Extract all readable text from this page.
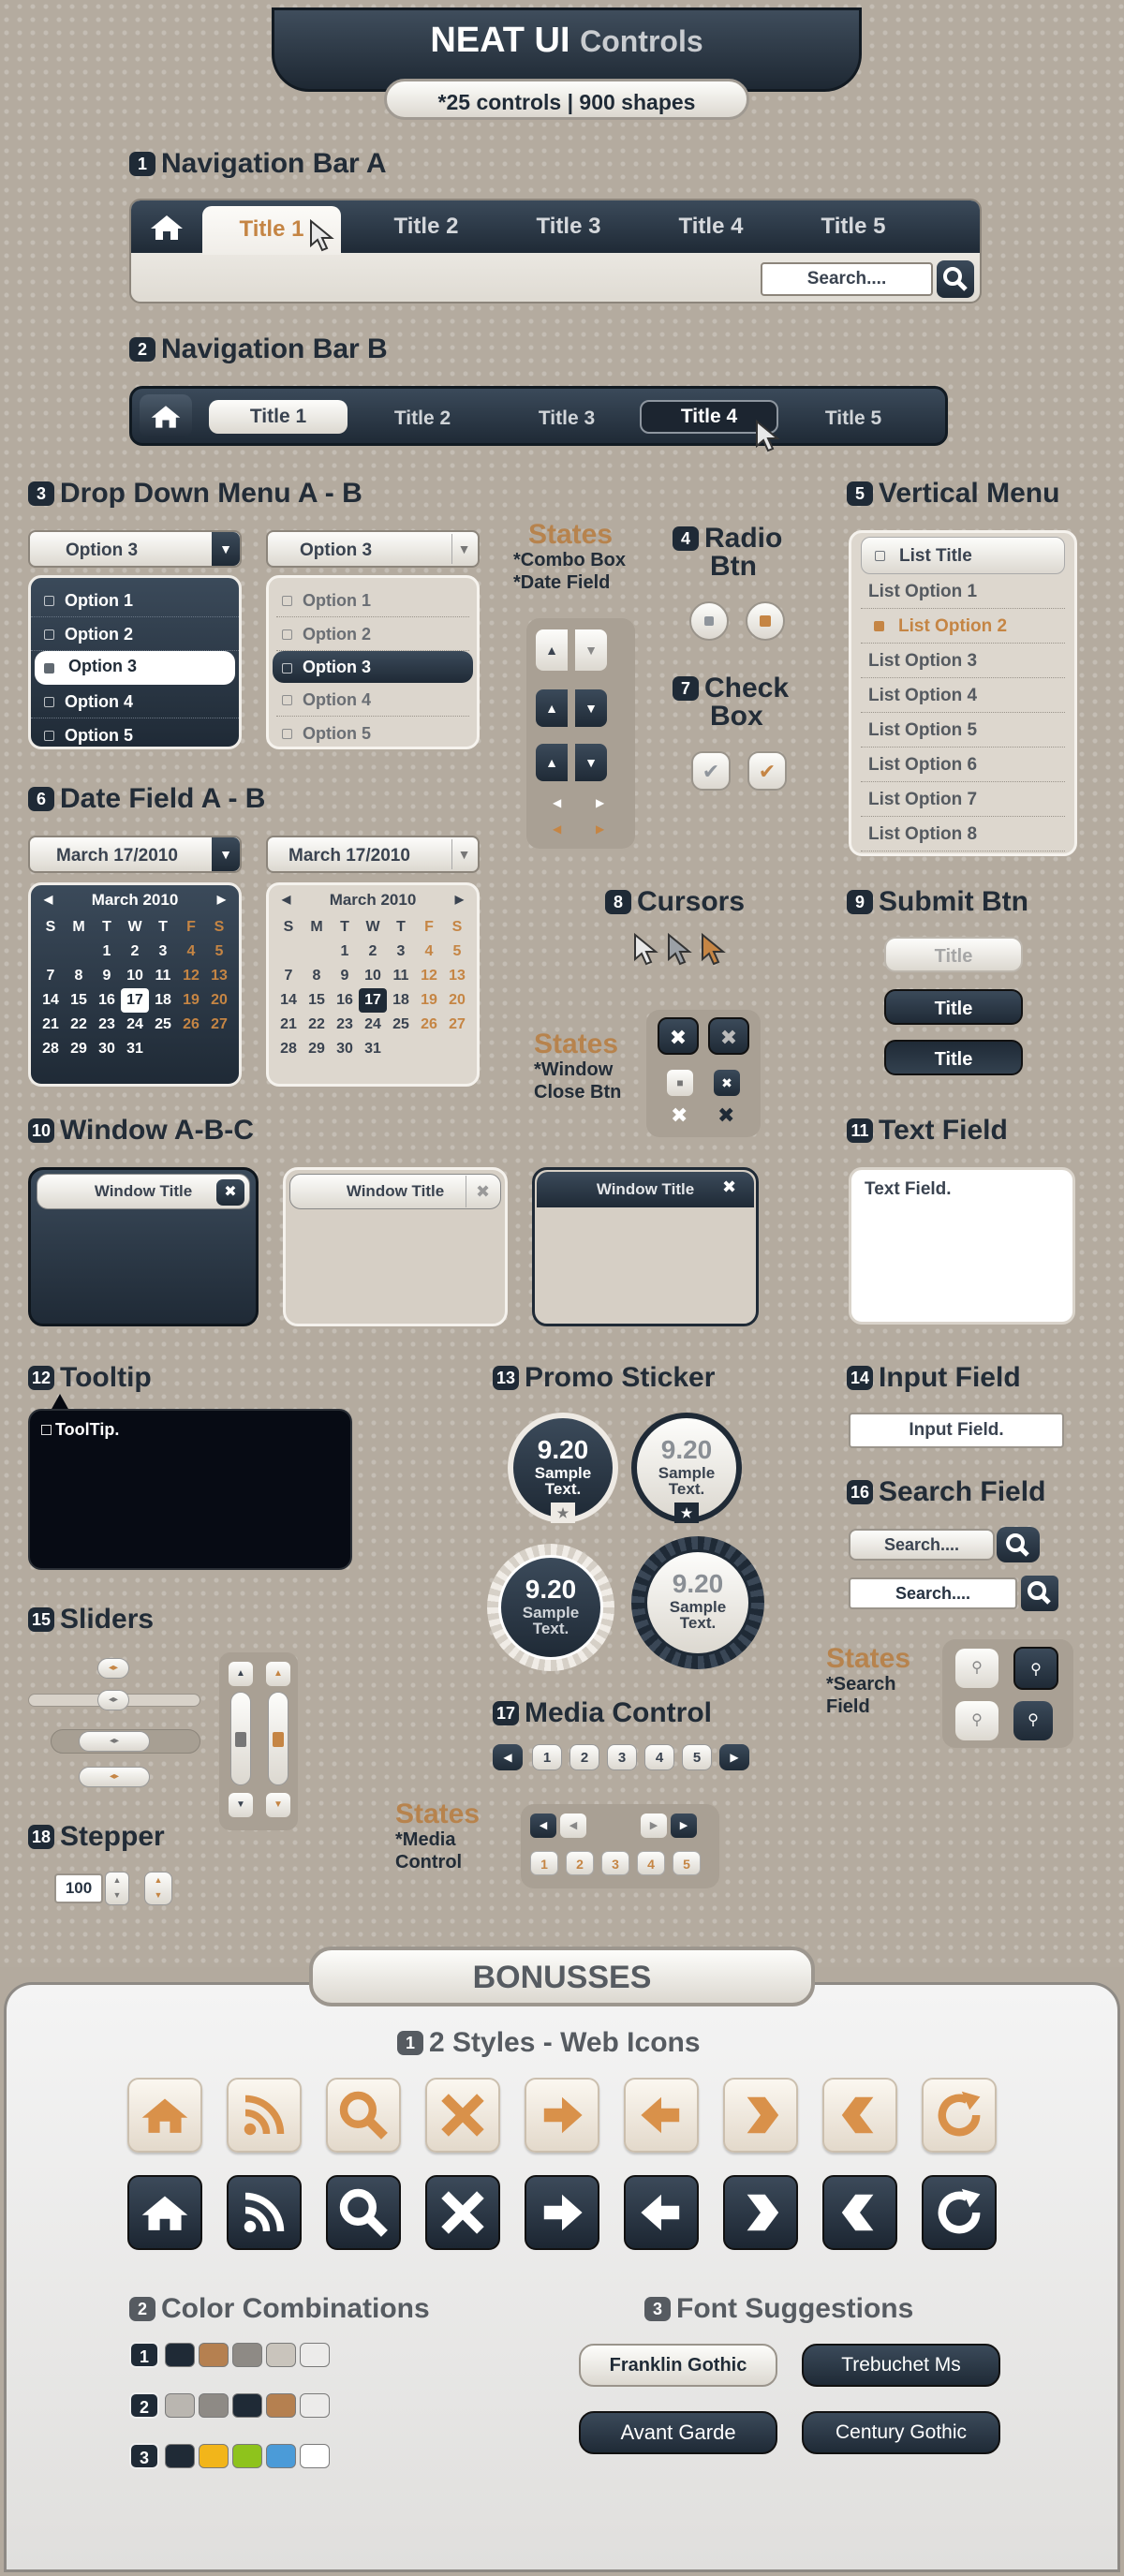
NEAT UI Controls
*25 controls | 900 shapes
1 Navigation Bar A
Title 1	Title 2	Title 3	Title 4	Title 5
Search....
2 Navigation Bar B
Title 1	Title 2	Title 3	Title 4	Title 5
3 Drop Down Menu A - B
Option 3	▼
Option 1
Option 2
Option 3
Option 4
Option 5
Option 3	▼
Option 1
Option 2
Option 3
Option 4
Option 5
States
*Combo Box
*Date Field
▲	▼
▲	▼
▲	▼
◀	▶
◀	▶
4 Radio
Btn
7 Check
Box
✔	✔
5 Vertical Menu
List Title
List Option 1
List Option 2
List Option 3
List Option 4
List Option 5
List Option 6
List Option 7
List Option 8
6 Date Field A - B
March 17/2010	▼	March 17/2010	▼
◀ March 2010	▶
S	M	T	W	T	F	S
		1	2	3	4	5
7	8	9	10	11	12	13
14	15	16	17	18	19	20
21	22	23	24	25	26	27
28	29	30	31			
◀ March 2010	▶
S	M	T	W	T	F	S
		1	2	3	4	5
7	8	9	10	11	12	13
14	15	16	17	18	19	20
21	22	23	24	25	26	27
28	29	30	31			
8 Cursors	9 Submit Btn
Title
Title
Title
States
*Window
Close Btn
✖	✖
■	✖
✖ ✖
10 Window A-B-C
Window Title	✖	Window Title	✖	Window Title	✖
11 Text Field
Text Field.
12 Tooltip
ToolTip.
13 Promo Sticker
9.20
Sample
Text.
★
9.20
Sample
Text.
★
9.20
Sample
Text.
9.20
Sample
Text.
14 Input Field
Input Field.
16 Search Field
Search....
Search....
States
*Search
Field
⚲	⚲
⚲	⚲
15 Sliders
◂▸
◂▸
◂▸
◂▸
▲
▼
▲
▼
17 Media Control
◀	1	2	3	4	5	▶
States
*Media
Control
◀	◀	▶	▶
1	2	3	4	5
18 Stepper
100	▲
▼
▲
▼
BONUSSES
1 2 Styles - Web Icons
2 Color Combinations
1
2
3
3 Font Suggestions
Franklin Gothic	Trebuchet Ms
Avant Garde	Century Gothic
